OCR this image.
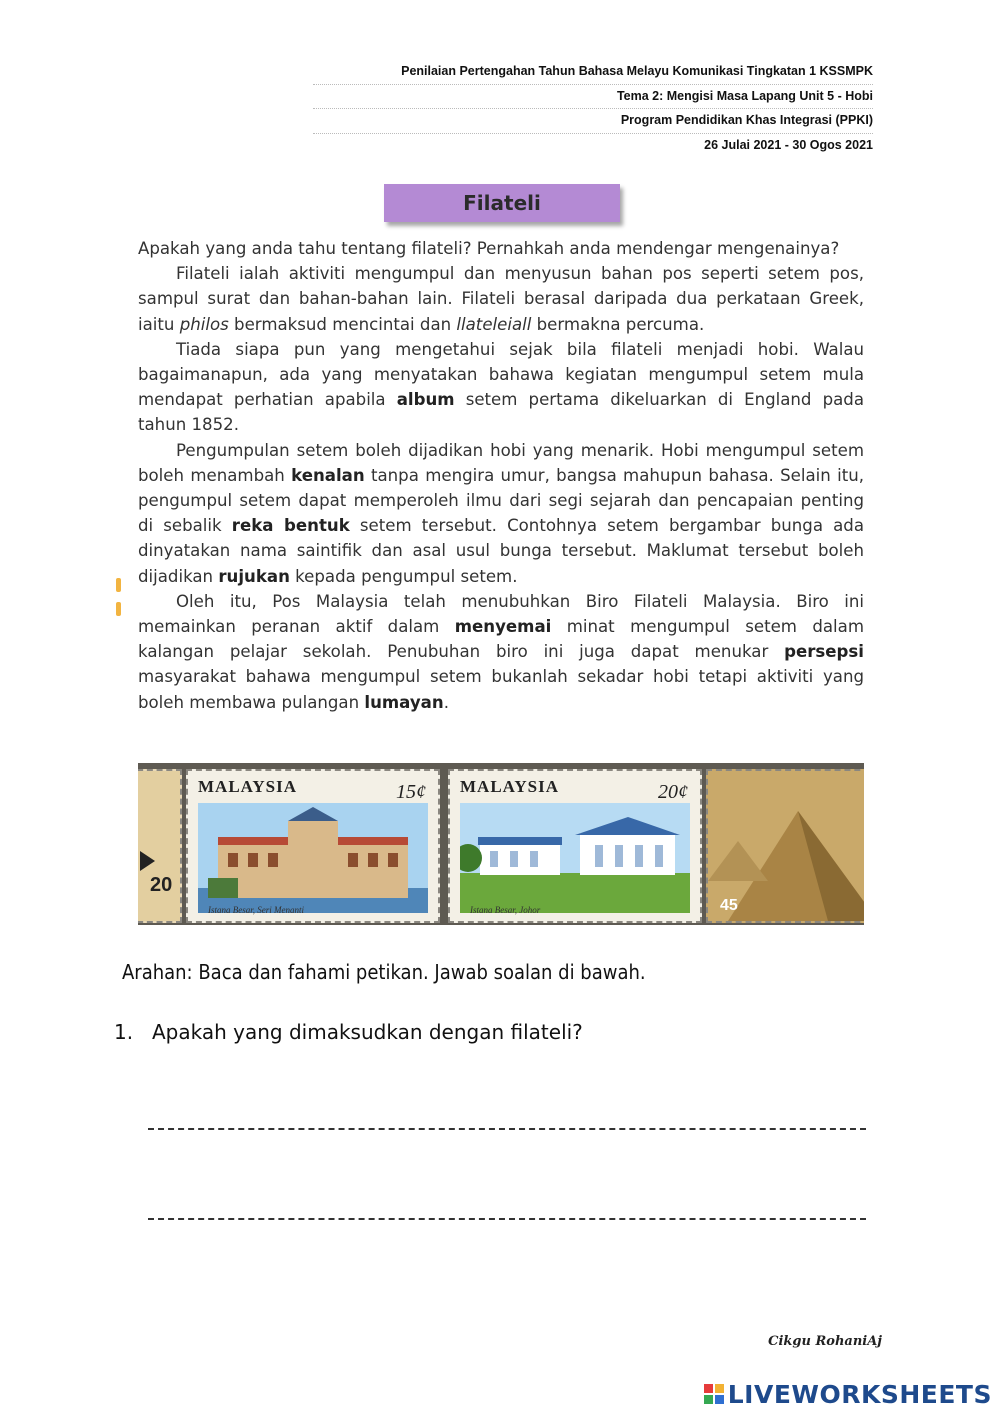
Penilaian Pertengahan Tahun Bahasa Melayu Komunikasi Tingkatan 1 KSSMPK
Tema 2: Mengisi Masa Lapang Unit 5 - Hobi
Program Pendidikan Khas Integrasi (PPKI)
26 Julai 2021 - 30 Ogos 2021
Filateli

Apakah yang anda tahu tentang filateli? Pernahkah anda mendengar mengenainya?

Filateli ialah aktiviti mengumpul dan menyusun bahan pos seperti setem pos, sampul surat dan bahan-bahan lain. Filateli berasal daripada dua perkataan Greek, iaitu philos bermaksud mencintai dan llateleiall bermakna percuma.

Tiada siapa pun yang mengetahui sejak bila filateli menjadi hobi. Walau bagaimanapun, ada yang menyatakan bahawa kegiatan mengumpul setem mula mendapat perhatian apabila album setem pertama dikeluarkan di England pada tahun 1852.

Pengumpulan setem boleh dijadikan hobi yang menarik. Hobi mengumpul setem boleh menambah kenalan tanpa mengira umur, bangsa mahupun bahasa. Selain itu, pengumpul setem dapat memperoleh ilmu dari segi sejarah dan pencapaian penting di sebalik reka bentuk setem tersebut. Contohnya setem bergambar bunga ada dinyatakan nama saintifik dan asal usul bunga tersebut. Maklumat tersebut boleh dijadikan rujukan kepada pengumpul setem.

Oleh itu, Pos Malaysia telah menubuhkan Biro Filateli Malaysia. Biro ini memainkan peranan aktif dalam menyemai minat mengumpul setem dalam kalangan pelajar sekolah. Penubuhan biro ini juga dapat menukar persepsi masyarakat bahawa mengumpul setem bukanlah sekadar hobi tetapi aktiviti yang boleh membawa pulangan lumayan.

20
MALAYSIA	15¢
Istana Besar, Seri Menanti
MALAYSIA	20¢
Istana Besar, Johor	45
Arahan: Baca dan fahami petikan. Jawab soalan di bawah.
1. Apakah yang dimaksudkan dengan filateli?
Cikgu RohaniAj
LIVEWORKSHEETS
